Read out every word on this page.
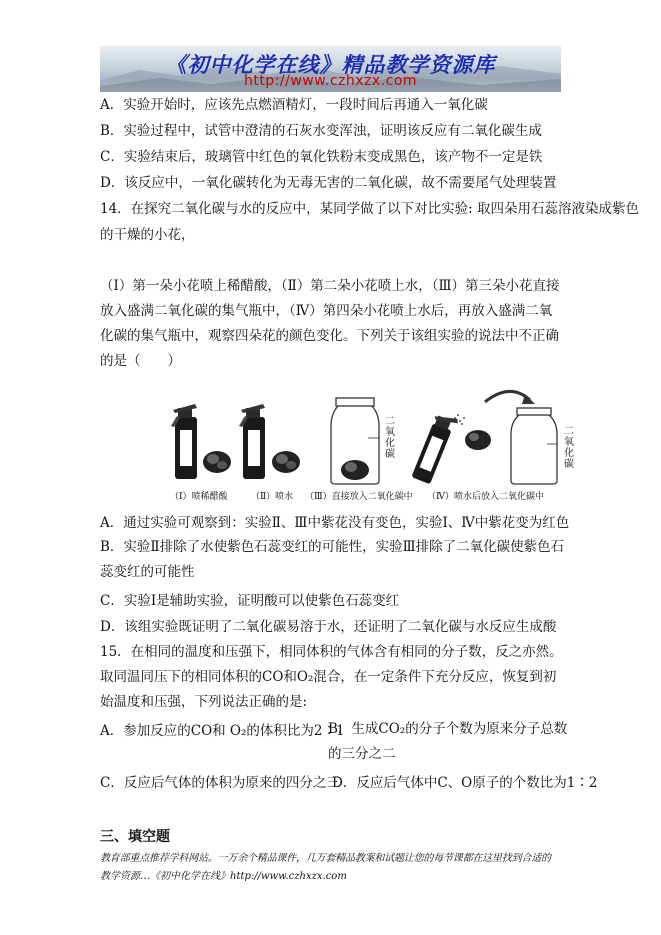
《初中化学在线》精品教学资源库
http://www.czhxzx.com
A．实验开始时，应该先点燃酒精灯，一段时间后再通入一氧化碳
B．实验过程中，试管中澄清的石灰水变浑浊，证明该反应有二氧化碳生成
C．实验结束后，玻璃管中红色的氧化铁粉末变成黑色，该产物不一定是铁
D．该反应中，一氧化碳转化为无毒无害的二氧化碳，故不需要尾气处理装置
14．在探究二氧化碳与水的反应中，某同学做了以下对比实验: 取四朵用石蕊溶液染成紫色
的干燥的小花，
（Ⅰ）第一朵小花喷上稀醋酸，（Ⅱ）第二朵小花喷上水，（Ⅲ）第三朵小花直接放入盛满二氧化碳的集气瓶中，（Ⅳ）第四朵小花喷上水后，再放入盛满二氧化碳的集气瓶中，观察四朵花的颜色变化。下列关于该组实验的说法中不正确的是（　　）
二氧化碳
二氧化碳
（Ⅰ）喷稀醋酸	（Ⅱ）喷水 （Ⅲ）直接放入二氧化碳中 （Ⅳ）喷水后放入二氧化碳中
A．通过实验可观察到：实验Ⅱ、Ⅲ中紫花没有变色，实验Ⅰ、Ⅳ中紫花变为红色
B．实验Ⅱ排除了水使紫色石蕊变红的可能性，实验Ⅲ排除了二氧化碳使紫色石蕊变红的可能性
C．实验Ⅰ是辅助实验，证明酸可以使紫色石蕊变红
D．该组实验既证明了二氧化碳易溶于水，还证明了二氧化碳与水反应生成酸
15．在相同的温度和压强下，相同体积的气体含有相同的分子数，反之亦然。取同温同压下的相同体积的CO和O₂混合，在一定条件下充分反应，恢复到初始温度和压强，下列说法正确的是:
A．参加反应的CO和 O₂的体积比为2∶1
B．生成CO₂的分子个数为原来分子总数的三分之二
C．反应后气体的体积为原来的四分之三
D．反应后气体中C、O原子的个数比为1∶2
三、填空题
教育部重点推荐学科网站。一万余个精品课件，几万套精品教案和试题让您的每节课都在这里找到合适的
教学资源…《初中化学在线》http://www.czhxzx.com
